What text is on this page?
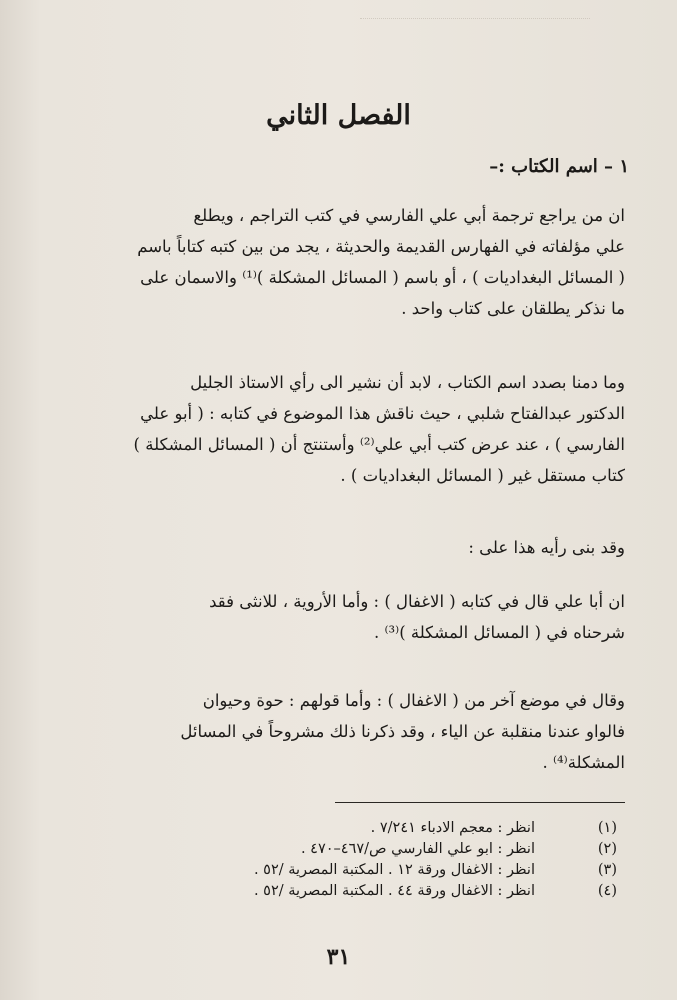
الفصل الثاني
١ – اسم الكتاب :–

ان من يراجع ترجمة أبي علي الفارسي في كتب التراجم ، ويطلع
علي مؤلفاته في الفهارس القديمة والحديثة ، يجد من بين كتبه كتاباً باسم
( المسائل البغداديات ) ، أو باسم ( المسائل المشكلة )⁽¹⁾ والاسمان على
ما نذكر يطلقان على كتاب واحد .

وما دمنا بصدد اسم الكتاب ، لابد أن نشير الى رأي الاستاذ الجليل
الدكتور عبدالفتاح شلبي ، حيث ناقش هذا الموضوع في كتابه : ( أبو علي
الفارسي ) ، عند عرض كتب أبي علي⁽²⁾ وأستنتج أن ( المسائل المشكلة )
كتاب مستقل غير ( المسائل البغداديات ) .

وقد بنى رأيه هذا على :

ان أبا علي قال في كتابه ( الاغفال ) : وأما الأروية ، للانثى فقد
شرحناه في ( المسائل المشكلة )⁽³⁾ .

وقال في موضع آخر من ( الاغفال ) : وأما قولهم : حوة وحيوان
فالواو عندنا منقلبة عن الياء ، وقد ذكرنا ذلك مشروحاً في المسائل
المشكلة⁽⁴⁾ .

(١)
انظر : معجم الادباء ٧/٢٤١ .
(٢)
انظر : ابو علي الفارسي ص/٤٦٧–٤٧٠ .
(٣)
انظر : الاغفال ورقة ١٢ . المكتبة المصرية /٥٢ .
(٤)
انظر : الاغفال ورقة ٤٤ . المكتبة المصرية /٥٢ .
٣١
